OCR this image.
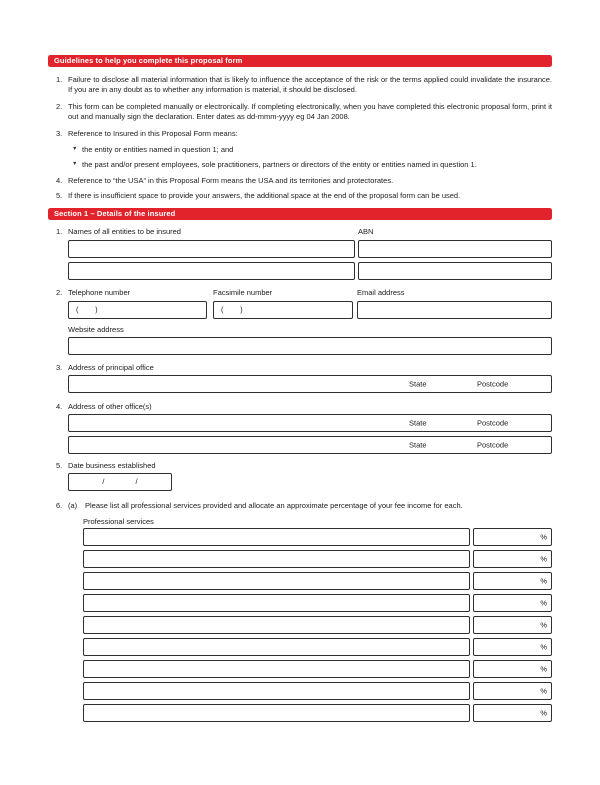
Guidelines to help you complete this proposal form
1. Failure to disclose all material information that is likely to influence the acceptance of the risk or the terms applied could invalidate the insurance. If you are in any doubt as to whether any information is material, it should be disclosed.

2. This form can be completed manually or electronically. If completing electronically, when you have completed this electronic proposal form, print it out and manually sign the declaration. Enter dates as dd-mmm-yyyy eg 04 Jan 2008.

3. Reference to Insured in this Proposal Form means:

▼ the entity or entities named in question 1; and
▼ the past and/or present employees, sole practitioners, partners or directors of the entity or entities named in question 1.
4. Reference to “the USA” in this Proposal Form means the USA and its territories and protectorates.

5. If there is insufficient space to provide your answers, the additional space at the end of the proposal form can be used.

Section 1 – Details of the insured
1. Names of all entities to be insured	ABN
2. Telephone number	Facsimile number	Email address
(        )	(        )
Website address
3. Address of principal office
State	Postcode
4. Address of other office(s)
State	Postcode
State	Postcode
5. Date business established
/	/
6. (a)	Please list all professional services provided and allocate an approximate percentage of your fee income for each.
Professional services
%
%
%
%
%
%
%
%
%
